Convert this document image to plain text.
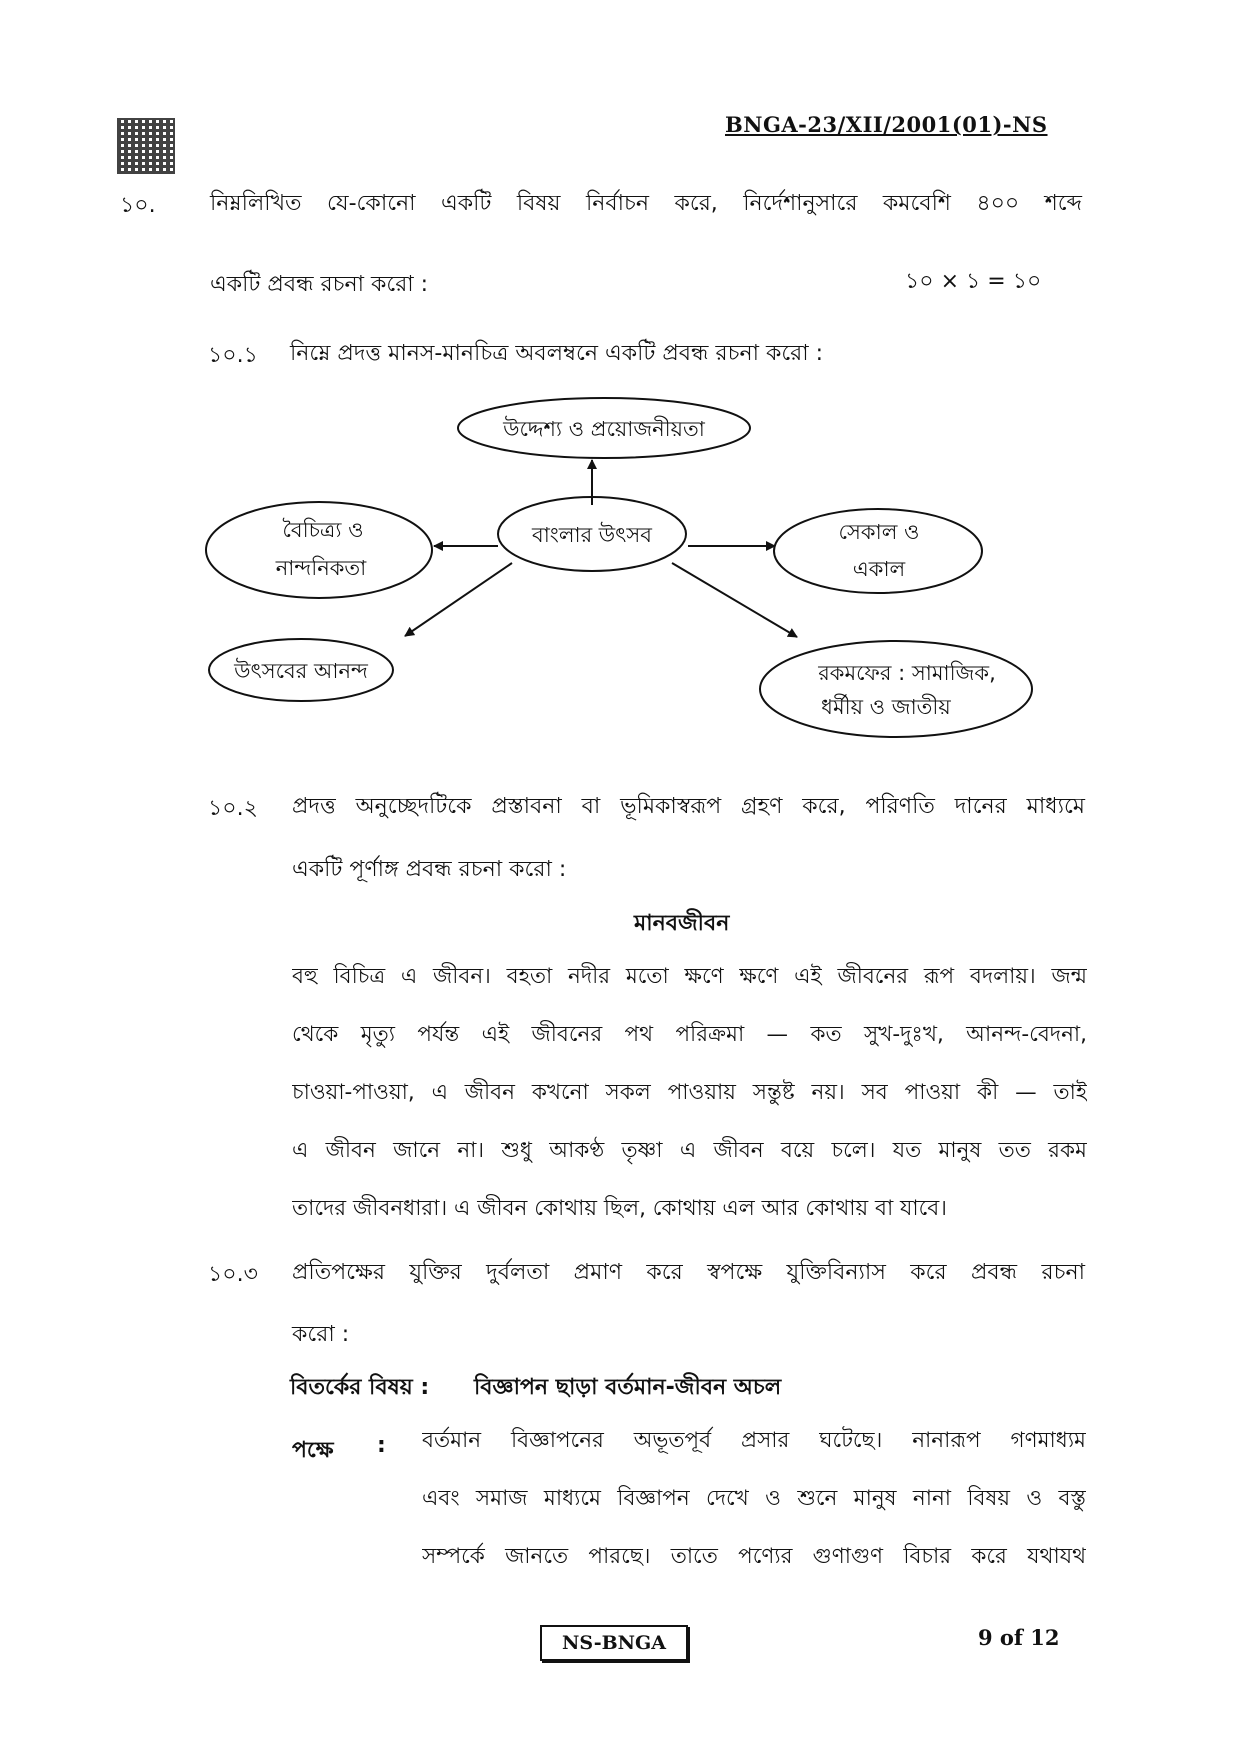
BNGA-23/XII/2001(01)-NS
১০. নিম্নলিখিত যে-কোনো একটি বিষয় নির্বাচন করে, নির্দেশানুসারে কমবেশি ৪০০ শব্দে
একটি প্রবন্ধ রচনা করো :	১০ × ১ = ১০
১০.১ নিম্নে প্রদত্ত মানস-মানচিত্র অবলম্বনে একটি প্রবন্ধ রচনা করো :
উদ্দেশ্য ও প্রয়োজনীয়তা
বাংলার উৎসব
বৈচিত্র্য ও
নান্দনিকতা
সেকাল ও
একাল
উৎসবের আনন্দ	রকমফের : সামাজিক,
ধর্মীয় ও জাতীয়
১০.২ প্রদত্ত অনুচ্ছেদটিকে প্রস্তাবনা বা ভূমিকাস্বরূপ গ্রহণ করে, পরিণতি দানের মাধ্যমে
একটি পূর্ণাঙ্গ প্রবন্ধ রচনা করো :
মানবজীবন
বহু বিচিত্র এ জীবন। বহতা নদীর মতো ক্ষণে ক্ষণে এই জীবনের রূপ বদলায়। জন্ম
থেকে মৃত্যু পর্যন্ত এই জীবনের পথ পরিক্রমা — কত সুখ-দুঃখ, আনন্দ-বেদনা,
চাওয়া-পাওয়া, এ জীবন কখনো সকল পাওয়ায় সন্তুষ্ট নয়। সব পাওয়া কী — তাই
এ জীবন জানে না। শুধু আকণ্ঠ তৃষ্ণা এ জীবন বয়ে চলে। যত মানুষ তত রকম
তাদের জীবনধারা। এ জীবন কোথায় ছিল, কোথায় এল আর কোথায় বা যাবে।
১০.৩ প্রতিপক্ষের যুক্তির দুর্বলতা প্রমাণ করে স্বপক্ষে যুক্তিবিন্যাস করে প্রবন্ধ রচনা
করো :
বিতর্কের বিষয় : বিজ্ঞাপন ছাড়া বর্তমান-জীবন অচল
পক্ষে : বর্তমান বিজ্ঞাপনের অভূতপূর্ব প্রসার ঘটেছে। নানারূপ গণমাধ্যম
এবং সমাজ মাধ্যমে বিজ্ঞাপন দেখে ও শুনে মানুষ নানা বিষয় ও বস্তু
সম্পর্কে জানতে পারছে। তাতে পণ্যের গুণাগুণ বিচার করে যথাযথ
NS-BNGA	9 of 12
